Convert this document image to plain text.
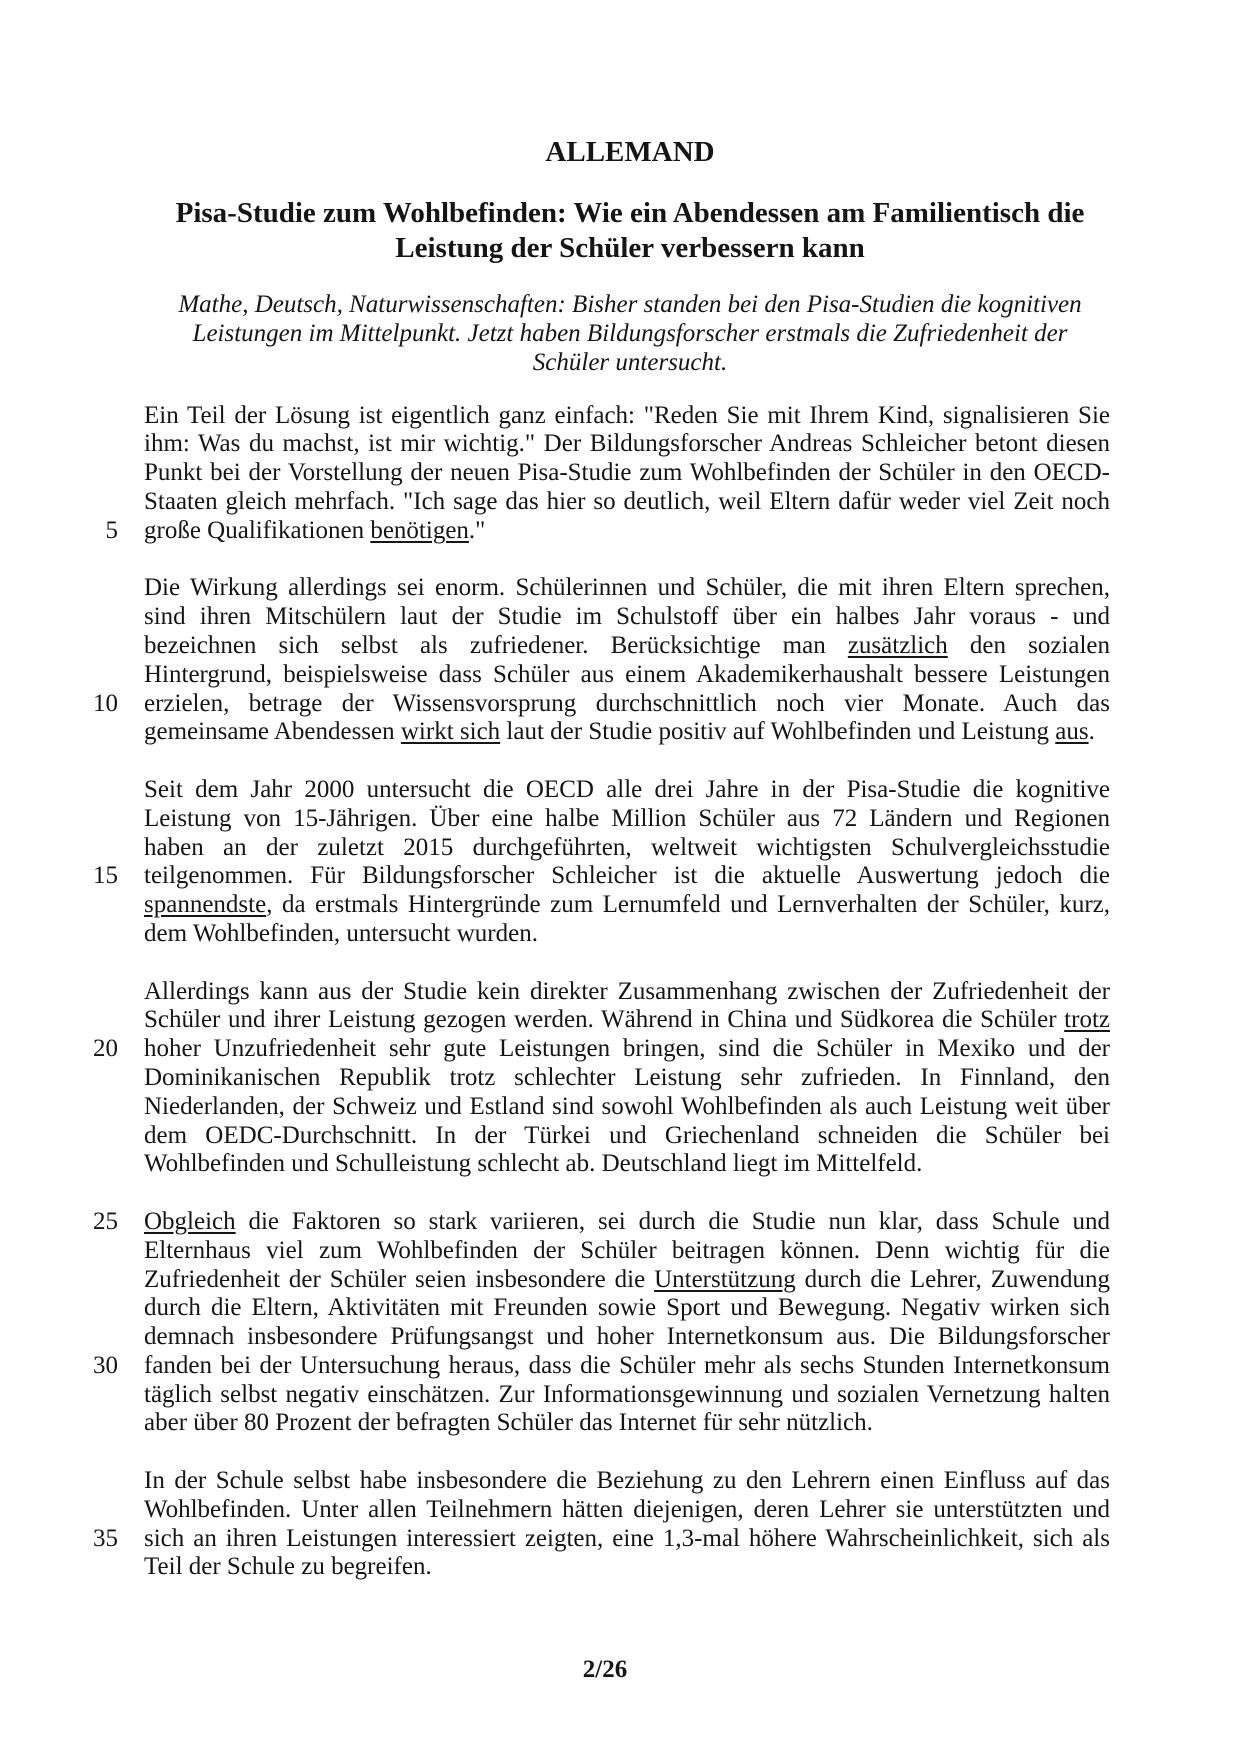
ALLEMAND
Pisa-Studie zum Wohlbefinden: Wie ein Abendessen am Familientisch die
Leistung der Schüler verbessern kann
Mathe, Deutsch, Naturwissenschaften: Bisher standen bei den Pisa-Studien die kognitiven
Leistungen im Mittelpunkt. Jetzt haben Bildungsforscher erstmals die Zufriedenheit der
Schüler untersucht.
Ein Teil der Lösung ist eigentlich ganz einfach: "Reden Sie mit Ihrem Kind, signalisieren Sie
ihm: Was du machst, ist mir wichtig." Der Bildungsforscher Andreas Schleicher betont diesen
Punkt bei der Vorstellung der neuen Pisa-Studie zum Wohlbefinden der Schüler in den OECD-
Staaten gleich mehrfach. "Ich sage das hier so deutlich, weil Eltern dafür weder viel Zeit noch
große Qualifikationen benötigen."
5
Die Wirkung allerdings sei enorm. Schülerinnen und Schüler, die mit ihren Eltern sprechen,
sind ihren Mitschülern laut der Studie im Schulstoff über ein halbes Jahr voraus - und
bezeichnen sich selbst als zufriedener. Berücksichtige man zusätzlich den sozialen
Hintergrund, beispielsweise dass Schüler aus einem Akademikerhaushalt bessere Leistungen
erzielen, betrage der Wissensvorsprung durchschnittlich noch vier Monate. Auch das
10
gemeinsame Abendessen wirkt sich laut der Studie positiv auf Wohlbefinden und Leistung aus.
Seit dem Jahr 2000 untersucht die OECD alle drei Jahre in der Pisa-Studie die kognitive
Leistung von 15-Jährigen. Über eine halbe Million Schüler aus 72 Ländern und Regionen
haben an der zuletzt 2015 durchgeführten, weltweit wichtigsten Schulvergleichsstudie
teilgenommen. Für Bildungsforscher Schleicher ist die aktuelle Auswertung jedoch die
15
spannendste, da erstmals Hintergründe zum Lernumfeld und Lernverhalten der Schüler, kurz,
dem Wohlbefinden, untersucht wurden.
Allerdings kann aus der Studie kein direkter Zusammenhang zwischen der Zufriedenheit der
Schüler und ihrer Leistung gezogen werden. Während in China und Südkorea die Schüler trotz
hoher Unzufriedenheit sehr gute Leistungen bringen, sind die Schüler in Mexiko und der
20
Dominikanischen Republik trotz schlechter Leistung sehr zufrieden. In Finnland, den
Niederlanden, der Schweiz und Estland sind sowohl Wohlbefinden als auch Leistung weit über
dem OEDC-Durchschnitt. In der Türkei und Griechenland schneiden die Schüler bei
Wohlbefinden und Schulleistung schlecht ab. Deutschland liegt im Mittelfeld.
Obgleich die Faktoren so stark variieren, sei durch die Studie nun klar, dass Schule und
25
Elternhaus viel zum Wohlbefinden der Schüler beitragen können. Denn wichtig für die
Zufriedenheit der Schüler seien insbesondere die Unterstützung durch die Lehrer, Zuwendung
durch die Eltern, Aktivitäten mit Freunden sowie Sport und Bewegung. Negativ wirken sich
demnach insbesondere Prüfungsangst und hoher Internetkonsum aus. Die Bildungsforscher
fanden bei der Untersuchung heraus, dass die Schüler mehr als sechs Stunden Internetkonsum
30
täglich selbst negativ einschätzen. Zur Informationsgewinnung und sozialen Vernetzung halten
aber über 80 Prozent der befragten Schüler das Internet für sehr nützlich.
In der Schule selbst habe insbesondere die Beziehung zu den Lehrern einen Einfluss auf das
Wohlbefinden. Unter allen Teilnehmern hätten diejenigen, deren Lehrer sie unterstützten und
sich an ihren Leistungen interessiert zeigten, eine 1,3-mal höhere Wahrscheinlichkeit, sich als
35
Teil der Schule zu begreifen.
2/26
